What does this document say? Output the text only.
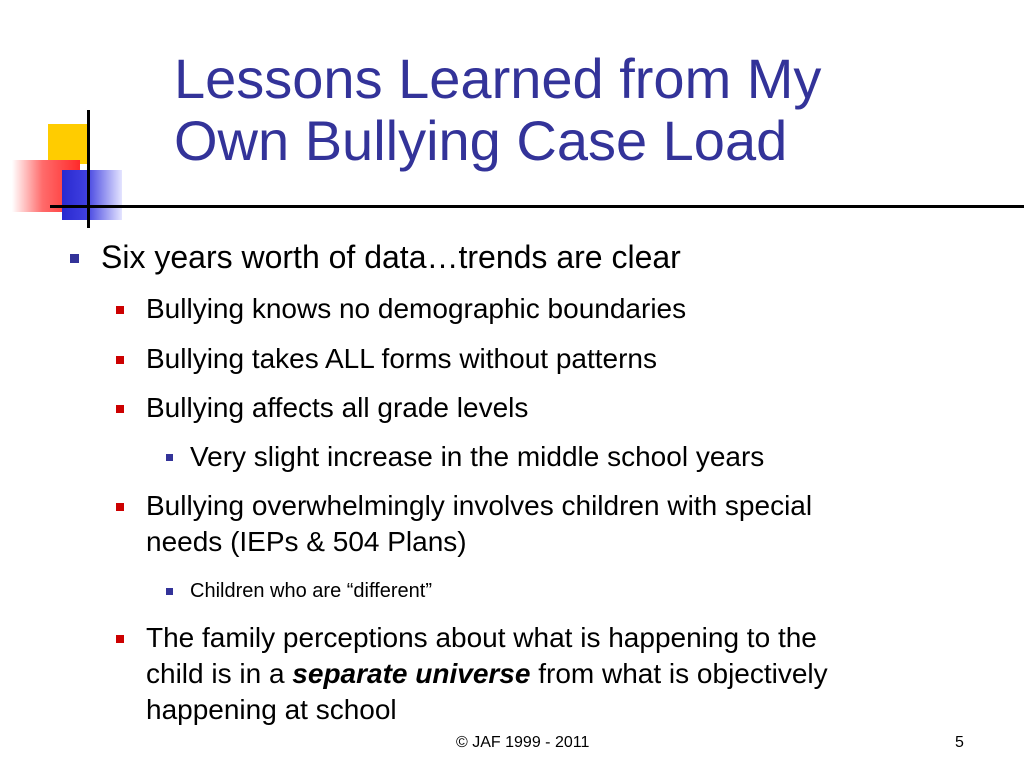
Lessons Learned from My
Own Bullying Case Load
Six years worth of data…trends are clear
Bullying knows no demographic boundaries
Bullying takes ALL forms without patterns
Bullying affects all grade levels
Very slight increase in the middle school years
Bullying overwhelmingly involves children with special
needs (IEPs & 504 Plans)
Children who are “different”
The family perceptions about what is happening to the
child is in a separate universe from what is objectively
happening at school
© JAF 1999 - 2011	5
